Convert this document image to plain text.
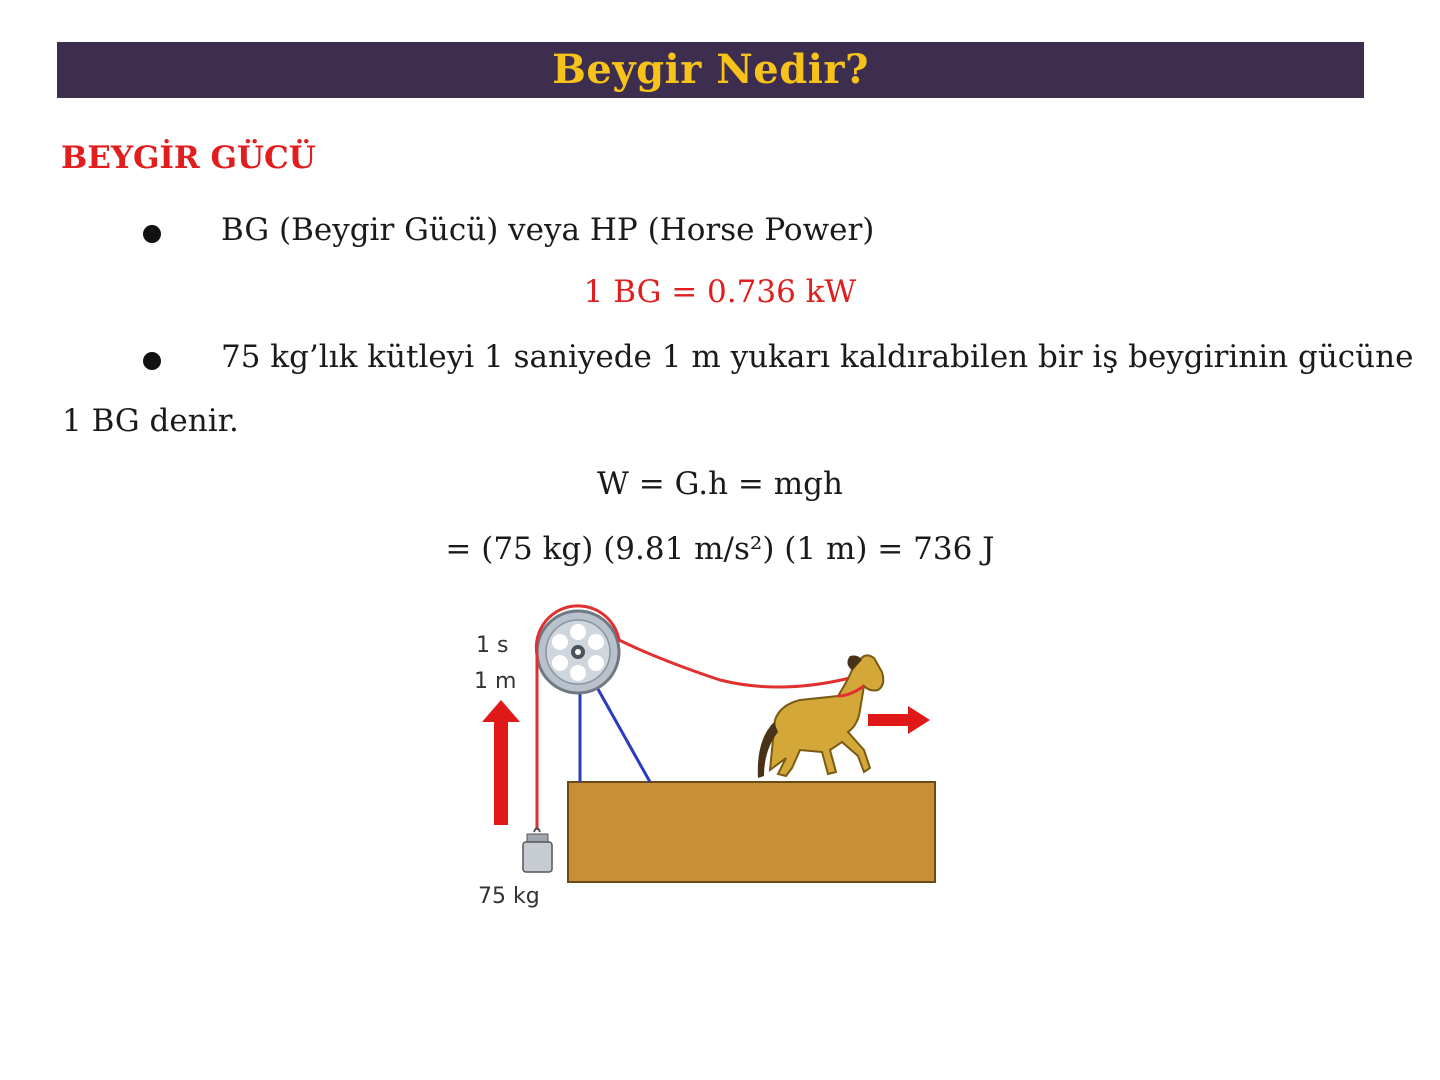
Beygir Nedir?
BEYGİR GÜCÜ
BG (Beygir Gücü) veya HP (Horse Power)
1 BG = 0.736 kW
75 kg’lık kütleyi 1 saniyede 1 m yukarı kaldırabilen bir iş beygirinin gücüne
1 BG denir.
W = G.h = mgh
= (75 kg) (9.81 m/s²) (1 m) = 736 J
1 s
1 m
75 kg
